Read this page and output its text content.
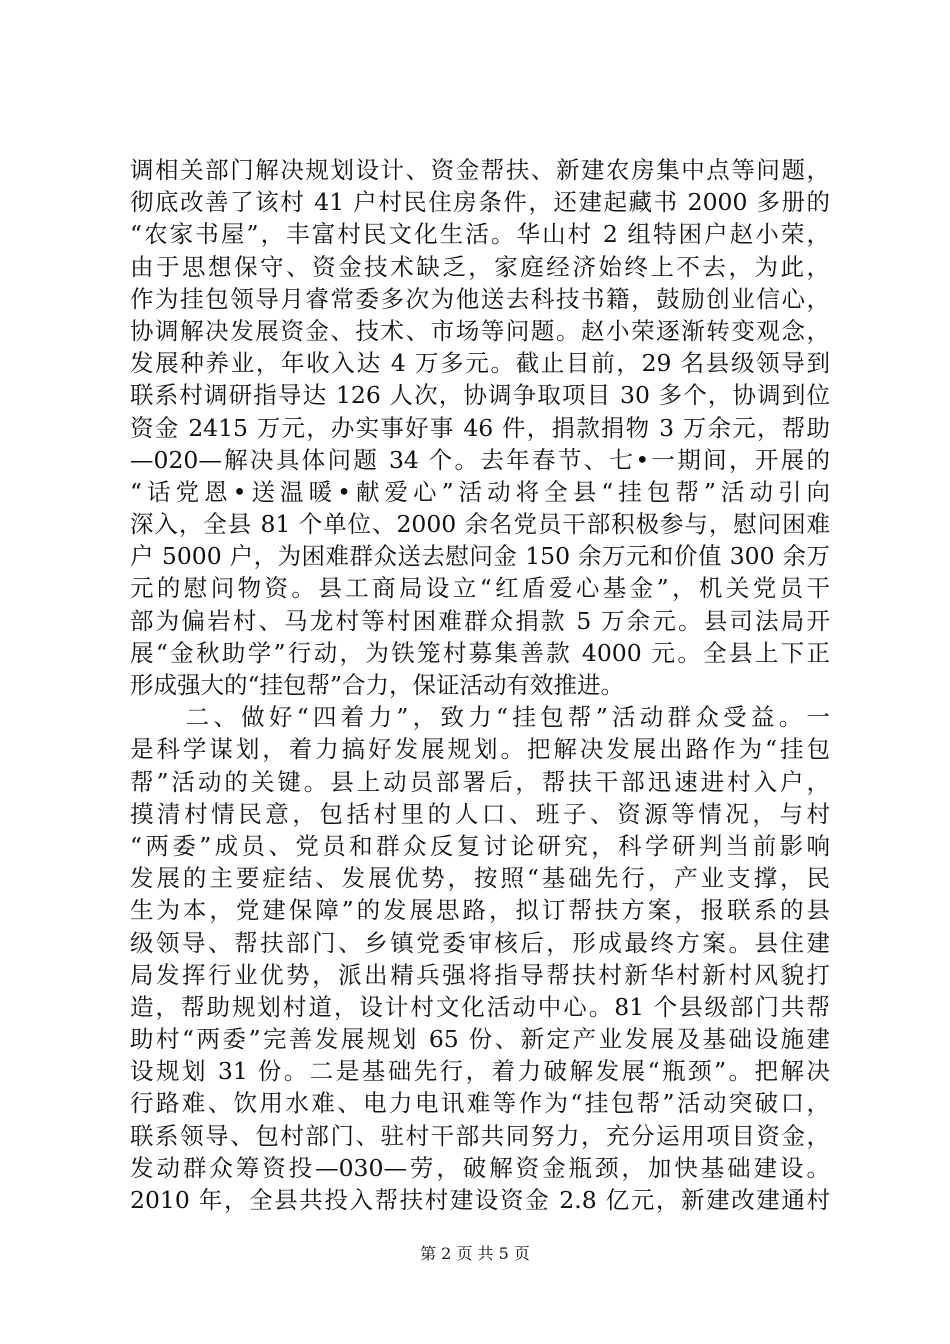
调相关部门解决规划设计、资金帮扶、新建农房集中点等问题，
彻底改善了该村 41 户村民住房条件，还建起藏书 2000 多册的
“农家书屋”，丰富村民文化生活。华山村 2 组特困户赵小荣，
由于思想保守、资金技术缺乏，家庭经济始终上不去，为此，
作为挂包领导月睿常委多次为他送去科技书籍，鼓励创业信心，
协调解决发展资金、技术、市场等问题。赵小荣逐渐转变观念，
发展种养业，年收入达 4 万多元。截止目前，29 名县级领导到
联系村调研指导达 126 人次，协调争取项目 30 多个，协调到位
资金 2415 万元，办实事好事 46 件，捐款捐物 3 万余元，帮助
—020—解决具体问题 34 个。去年春节、七•一期间，开展的
“话党恩•送温暖•献爱心”活动将全县“挂包帮”活动引向
深入，全县 81 个单位、2000 余名党员干部积极参与，慰问困难
户 5000 户，为困难群众送去慰问金 150 余万元和价值 300 余万
元的慰问物资。县工商局设立“红盾爱心基金”，机关党员干
部为偏岩村、马龙村等村困难群众捐款 5 万余元。县司法局开
展“金秋助学”行动，为铁笼村募集善款 4000 元。全县上下正
形成强大的“挂包帮”合力，保证活动有效推进。
　　二、做好“四着力”，致力“挂包帮”活动群众受益。一
是科学谋划，着力搞好发展规划。把解决发展出路作为“挂包
帮”活动的关键。县上动员部署后，帮扶干部迅速进村入户，
摸清村情民意，包括村里的人口、班子、资源等情况，与村
“两委”成员、党员和群众反复讨论研究，科学研判当前影响
发展的主要症结、发展优势，按照“基础先行，产业支撑，民
生为本，党建保障”的发展思路，拟订帮扶方案，报联系的县
级领导、帮扶部门、乡镇党委审核后，形成最终方案。县住建
局发挥行业优势，派出精兵强将指导帮扶村新华村新村风貌打
造，帮助规划村道，设计村文化活动中心。81 个县级部门共帮
助村“两委”完善发展规划 65 份、新定产业发展及基础设施建
设规划 31 份。二是基础先行，着力破解发展“瓶颈”。把解决
行路难、饮用水难、电力电讯难等作为“挂包帮”活动突破口，
联系领导、包村部门、驻村干部共同努力，充分运用项目资金，
发动群众筹资投—030—劳，破解资金瓶颈，加快基础建设。
2010 年，全县共投入帮扶村建设资金 2.8 亿元，新建改建通村
第 2 页 共 5 页
